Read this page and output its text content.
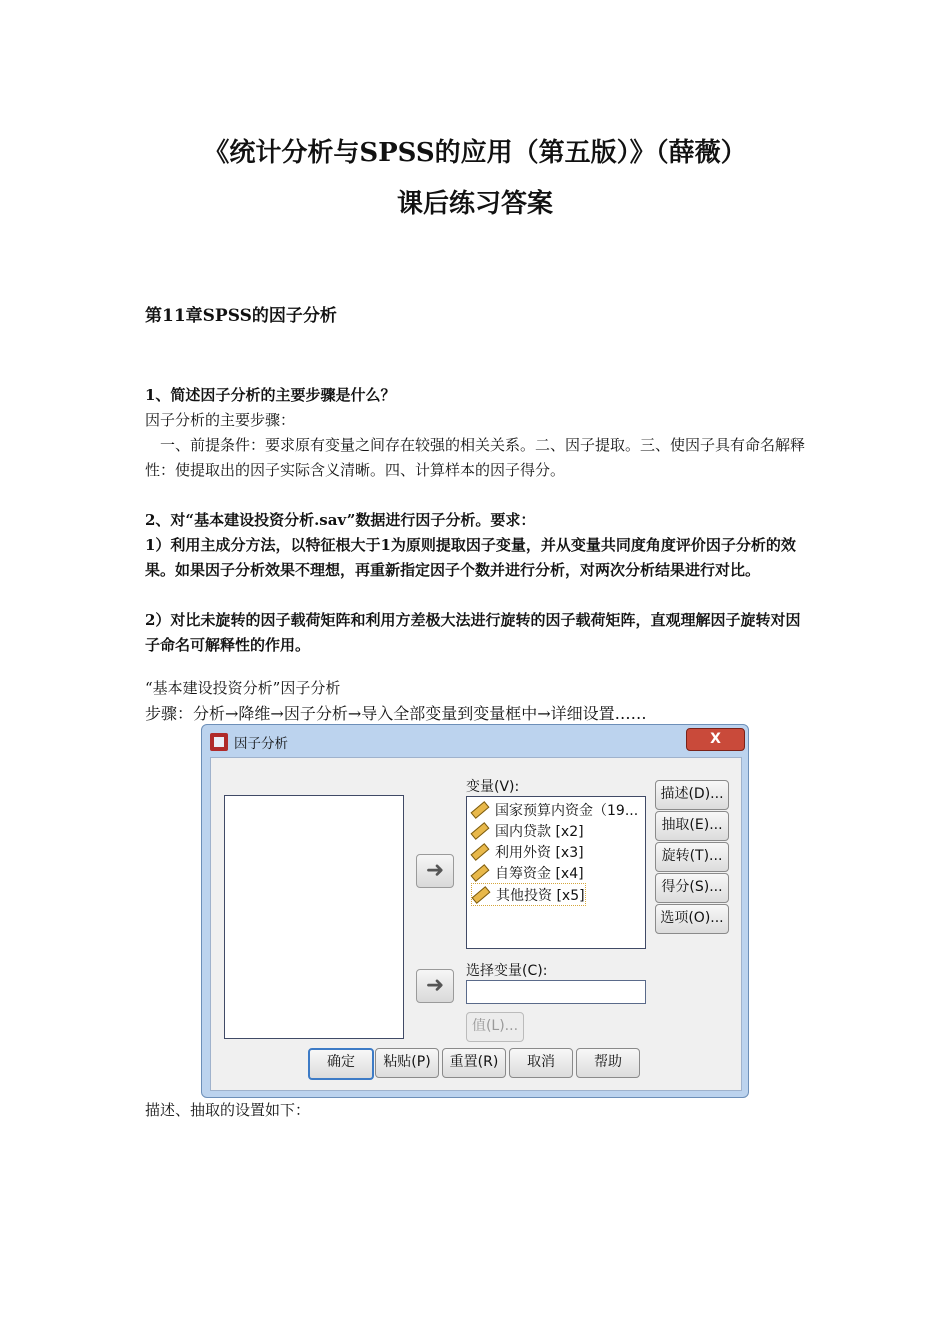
《统计分析与SPSS的应用（第五版）》（薛薇）
课后练习答案
第11章SPSS的因子分析
1、简述因子分析的主要步骤是什么？
因子分析的主要步骤：
一、前提条件：要求原有变量之间存在较强的相关关系。二、因子提取。三、使因子具有命名解释性：使提取出的因子实际含义清晰。四、计算样本的因子得分。
2、对“基本建设投资分析.sav”数据进行因子分析。要求：
1）利用主成分方法，以特征根大于1为原则提取因子变量，并从变量共同度角度评价因子分析的效果。如果因子分析效果不理想，再重新指定因子个数并进行分析，对两次分析结果进行对比。
2）对比未旋转的因子载荷矩阵和利用方差极大法进行旋转的因子载荷矩阵，直观理解因子旋转对因子命名可解释性的作用。
“基本建设投资分析”因子分析
步骤：分析→降维→因子分析→导入全部变量到变量框中→详细设置……
因子分析	X
➜
➜
变量(V):
国家预算内资金（19...
国内贷款 [x2]
利用外资 [x3]
自筹资金 [x4]
其他投资 [x5]
选择变量(C):
值(L)...
描述(D)...
抽取(E)...
旋转(T)...
得分(S)...
选项(O)...
确定	粘贴(P)	重置(R)	取消	帮助
描述、抽取的设置如下：
